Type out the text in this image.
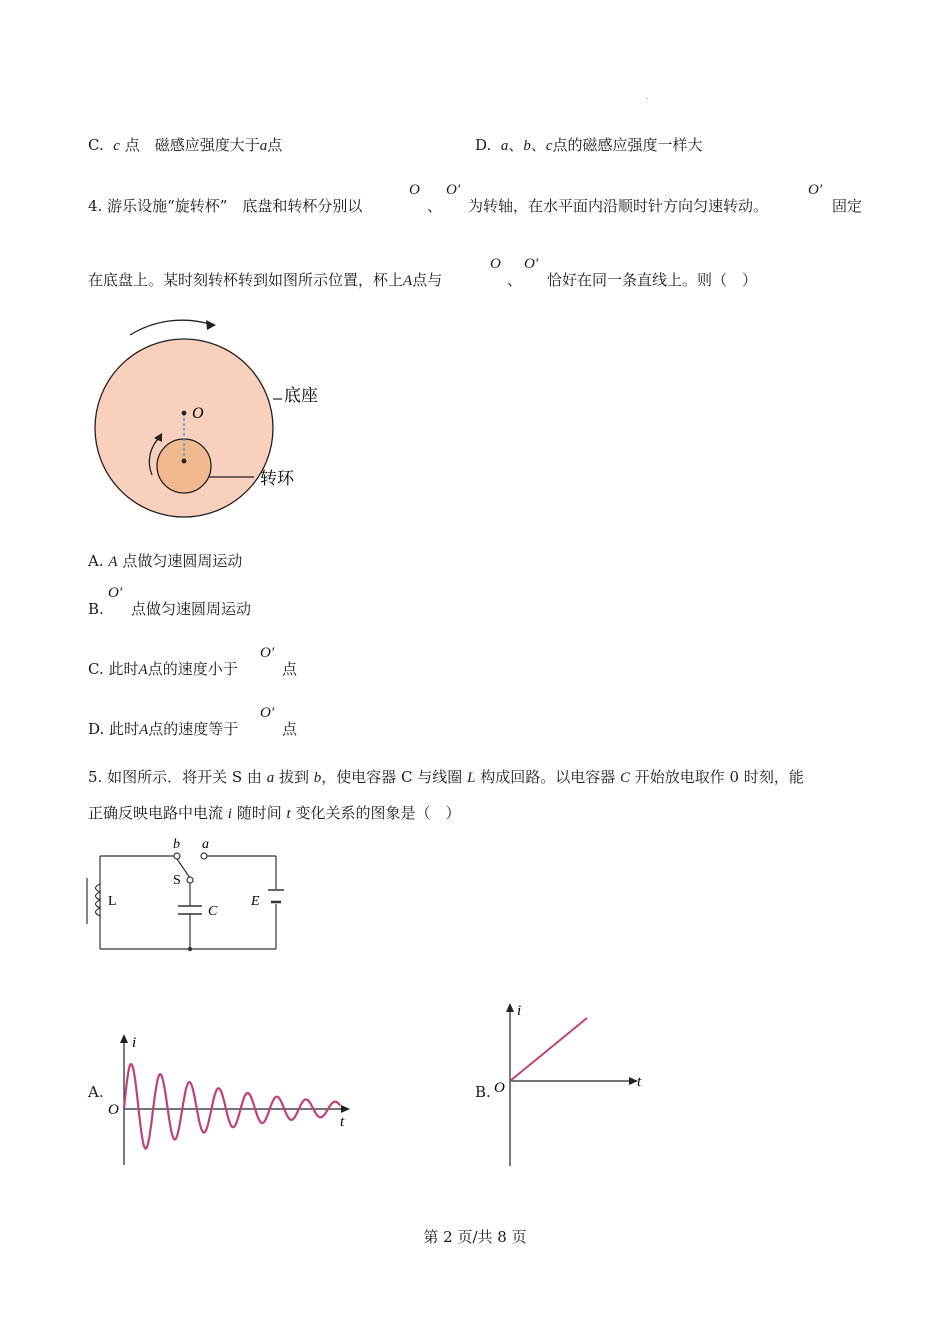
C. c 点　磁感应强度大于a点	D. a、b、c点的磁感应强度一样大
4. 游乐设施“旋转杯”　底盘和转杯分别以
O
、
O′
为转轴，在水平面内沿顺时针方向匀速转动。
O′
固定
在底盘上。某时刻转杯转到如图所示位置，杯上A点与
O
、
O′
恰好在同一条直线上。则（　）
O
底座
转环
A. A 点做匀速圆周运动
B.
O′
点做匀速圆周运动
C. 此时A点的速度小于
O′
点
D. 此时A点的速度等于
O′
点
5. 如图所示．将开关 S 由 a 拔到 b，使电容器 C 与线圈 L 构成回路。以电容器 C 开始放电取作 0 时刻，能
正确反映电路中电流 i 随时间 t 变化关系的图象是（　）
b a
S
L
C
E
A.
i
t
O
B.
i
t
O
第 2 页/共 8 页
